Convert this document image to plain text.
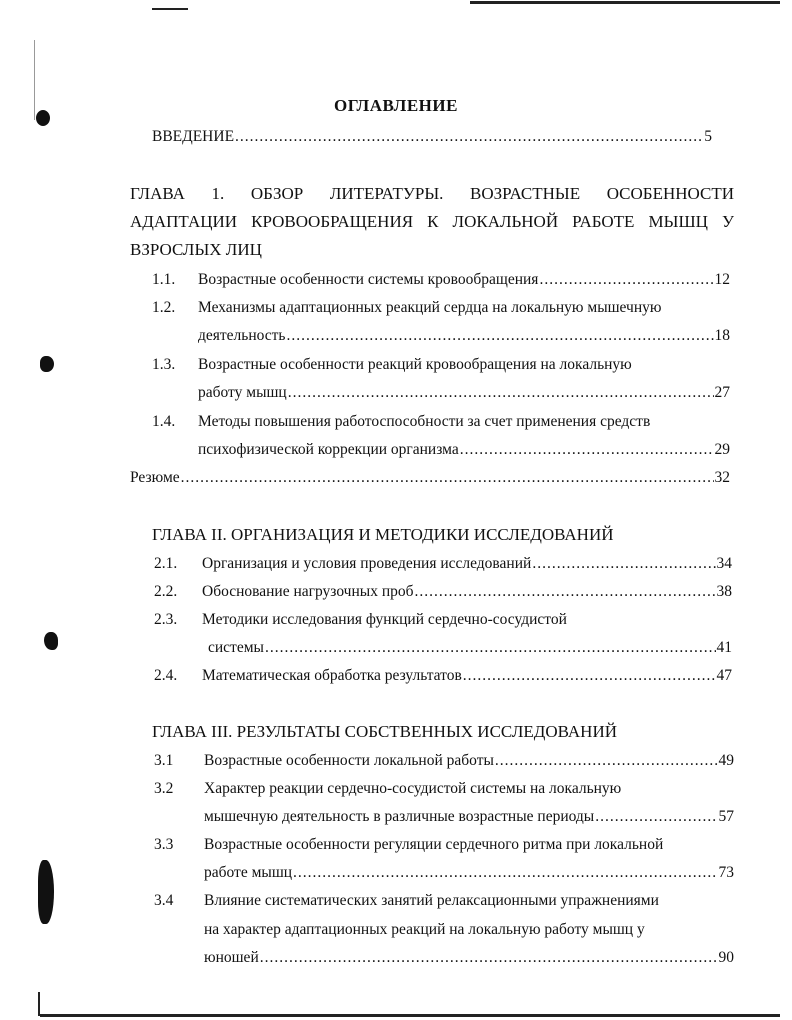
ОГЛАВЛЕНИЕ
ВВЕДЕНИЕ .....	5
ГЛАВА 1. ОБЗОР ЛИТЕРАТУРЫ. ВОЗРАСТНЫЕ ОСОБЕННОСТИ
АДАПТАЦИИ КРОВООБРАЩЕНИЯ К ЛОКАЛЬНОЙ РАБОТЕ МЫШЦ У
ВЗРОСЛЫХ ЛИЦ
1.1. Возрастные особенности системы кровообращения .....	12
1.2. Механизмы адаптационных реакций сердца на локальную мышечную
деятельность .....	18
1.3. Возрастные особенности реакций кровообращения на локальную
работу мышц .....	27
1.4. Методы повышения работоспособности за счет применения средств
психофизической коррекции организма .....	29
Резюме .....	32
ГЛАВА II. ОРГАНИЗАЦИЯ И МЕТОДИКИ ИССЛЕДОВАНИЙ
2.1. Организация и условия проведения исследований .....	34
2.2. Обоснование нагрузочных проб .....	38
2.3. Методики исследования функций сердечно-сосудистой
системы .....	41
2.4. Математическая обработка результатов .....	47
ГЛАВА III. РЕЗУЛЬТАТЫ СОБСТВЕННЫХ ИССЛЕДОВАНИЙ
3.1 Возрастные особенности локальной работы .....	49
3.2 Характер реакции сердечно-сосудистой системы на локальную
мышечную деятельность в различные возрастные периоды .....	57
3.3 Возрастные особенности регуляции сердечного ритма при локальной
работе мышц .....	73
3.4 Влияние систематических занятий релаксационными упражнениями
на характер адаптационных реакций на локальную работу мышц у
юношей .....	90
